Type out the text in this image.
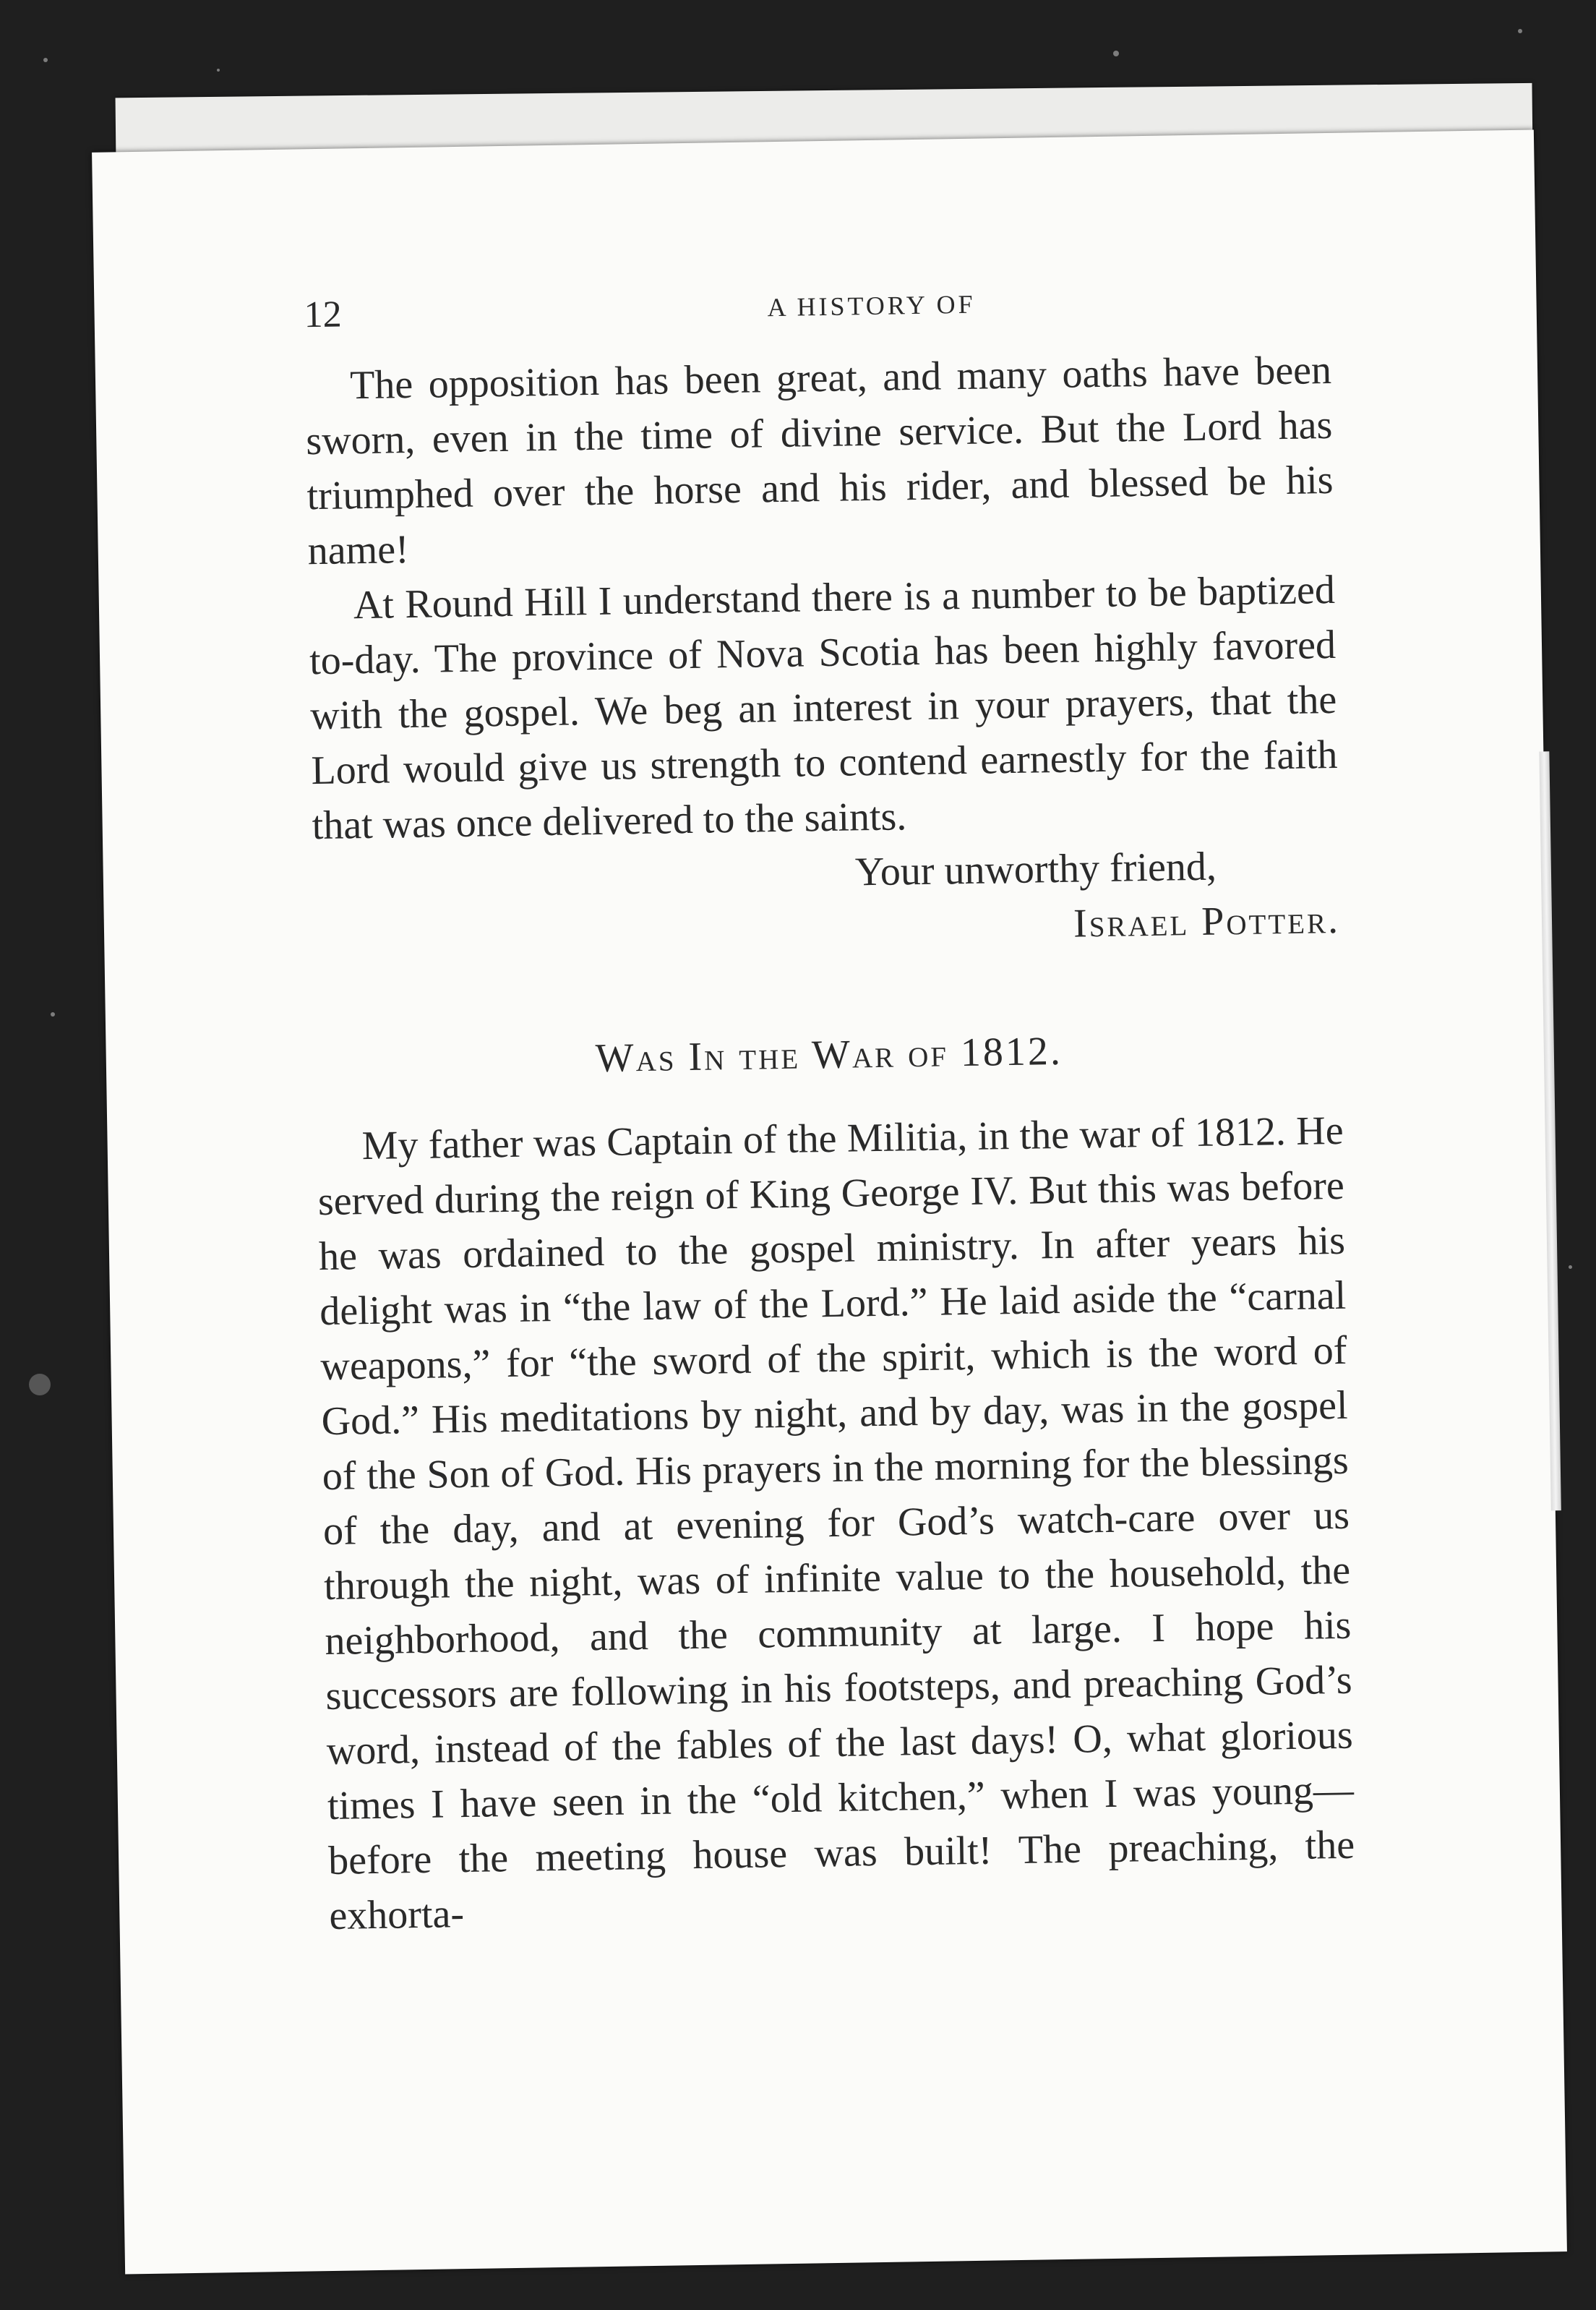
12	A HISTORY OF

The opposition has been great, and many oaths have been sworn, even in the time of divine service. But the Lord has triumphed over the horse and his rider, and blessed be his name!

At Round Hill I understand there is a number to be baptized to-day. The province of Nova Scotia has been highly favored with the gospel. We beg an interest in your prayers, that the Lord would give us strength to contend earnestly for the faith that was once delivered to the saints.

Your unworthy friend,

Israel Potter.

Was In the War of 1812.

My father was Captain of the Militia, in the war of 1812. He served during the reign of King George IV. But this was before he was ordained to the gospel ministry. In after years his delight was in “the law of the Lord.” He laid aside the “carnal weapons,” for “the sword of the spirit, which is the word of God.” His meditations by night, and by day, was in the gospel of the Son of God. His prayers in the morning for the blessings of the day, and at evening for God’s watch-care over us through the night, was of infinite value to the household, the neighborhood, and the community at large. I hope his successors are following in his footsteps, and preaching God’s word, instead of the fables of the last days! O, what glorious times I have seen in the “old kitchen,” when I was young—before the meeting house was built! The preaching, the exhorta-
